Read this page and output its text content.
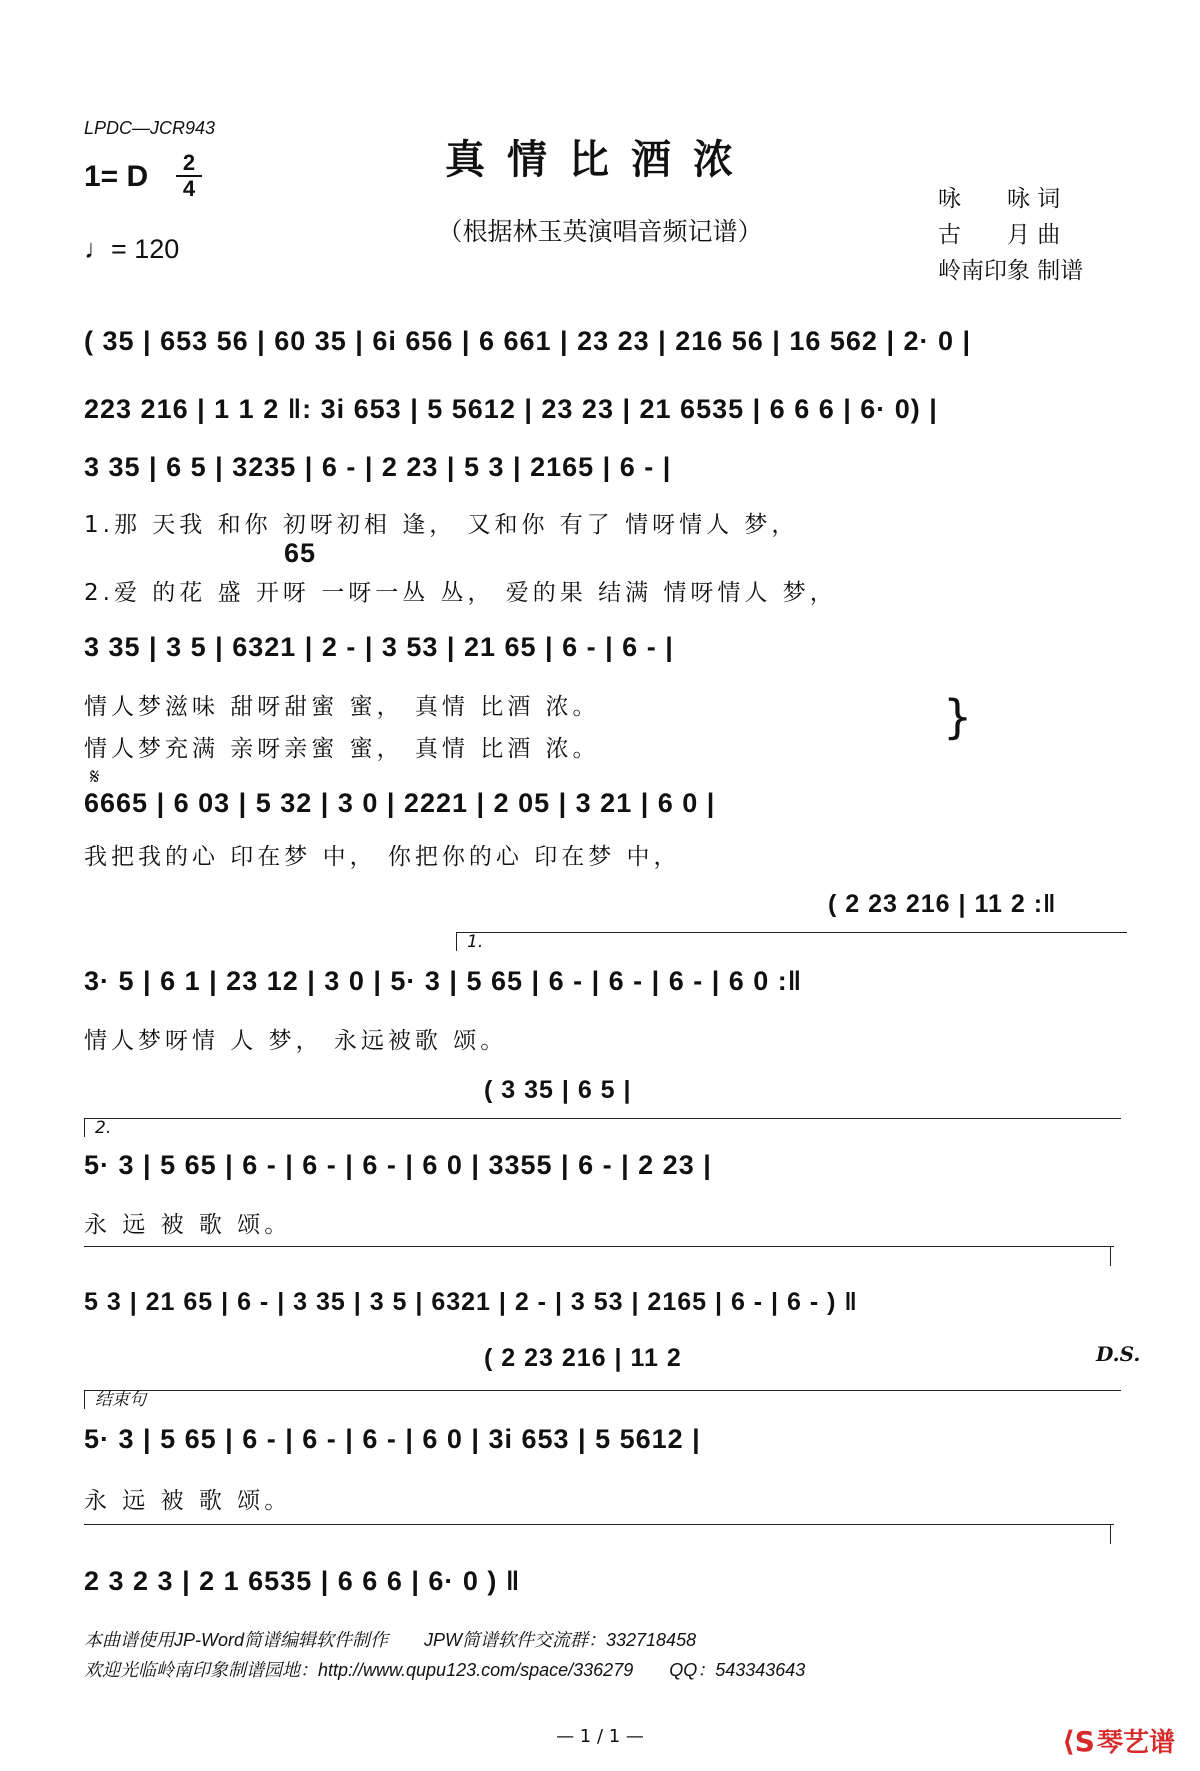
LPDC—JCR943
1= D	2
4
♩= 120
真情比酒浓
（根据林玉英演唱音频记谱）
咏　　咏 词
古　　月 曲
岭南印象 制谱
( 35 | 653 56 | 60 35 | 6i 656 | 6 661 | 23 23 | 216 56 | 16 562 | 2· 0 |
223 216 | 1 1 2 ‖: 3i 653 | 5 5612 | 23 23 | 21 6535 | 6 6 6 | 6· 0) |
3 35 | 6 5 | 3235 | 6 - | 2 23 | 5 3 | 2165 | 6 - |
1.那 天我 和你 初呀初相 逢， 又和你 有了 情呀情人 梦，
65
2.爱 的花 盛 开呀 一呀一丛 丛， 爱的果 结满 情呀情人 梦，
3 35 | 3 5 | 6321 | 2 - | 3 53 | 21 65 | 6 - | 6 - |
情人梦滋味 甜呀甜蜜 蜜， 真情 比酒 浓。
情人梦充满 亲呀亲蜜 蜜， 真情 比酒 浓。
}
𝄋
6665 | 6 03 | 5 32 | 3 0 | 2221 | 2 05 | 3 21 | 6 0 |
我把我的心 印在梦 中， 你把你的心 印在梦 中，
( 2 23 216 | 11 2 :‖
1.
3· 5 | 6 1 | 23 12 | 3 0 | 5· 3 | 5 65 | 6 - | 6 - | 6 - | 6 0 :‖
情人梦呀情 人 梦， 永远被歌 颂。
( 3 35 | 6 5 |
2.
5· 3 | 5 65 | 6 - | 6 - | 6 - | 6 0 | 3355 | 6 - | 2 23 |
永 远 被 歌 颂。
5 3 | 21 65 | 6 - | 3 35 | 3 5 | 6321 | 2 - | 3 53 | 2165 | 6 - | 6 - ) ‖
D.S.
( 2 23 216 | 11 2
结束句
5· 3 | 5 65 | 6 - | 6 - | 6 - | 6 0 | 3i 653 | 5 5612 |
永 远 被 歌 颂。
2 3 2 3 | 2 1 6535 | 6 6 6 | 6· 0 ) ‖
本曲谱使用JP-Word简谱编辑软件制作　　JPW简谱软件交流群：332718458
欢迎光临岭南印象制谱园地：http://www.qupu123.com/space/336279　　QQ：543343643
— 1 / 1 —	⟨S琴艺谱
